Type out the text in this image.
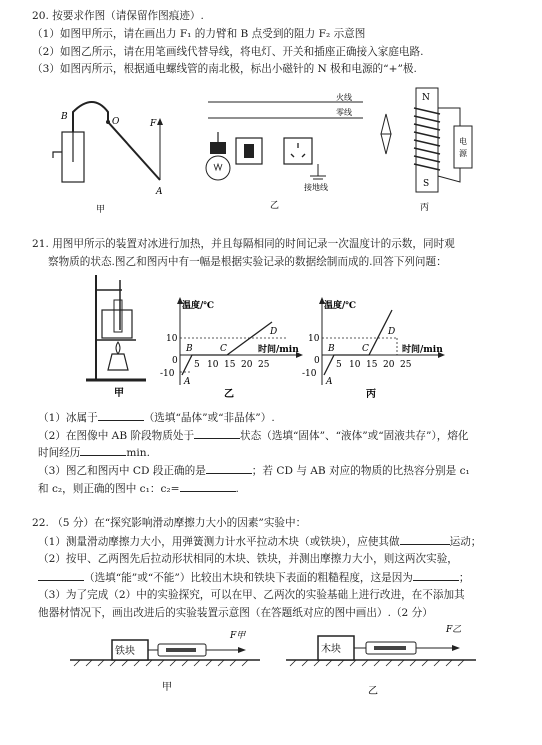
20. 按要求作图（请保留作图痕迹）.
（1）如图甲所示，请在画出力 F₁ 的力臂和 B 点受到的阻力 F₂ 示意图
（2）如图乙所示，请在用笔画线代替导线，将电灯、开关和插座正确接入家庭电路.
（3）如图丙所示，根据通电螺线管的南北极，标出小磁针的 N 极和电源的“+”极.
B	O	F
A
甲
火线
零线
接地线
乙
N
S
电
源
电源
丙
21. 用图甲所示的装置对冰进行加热，并且每隔相同的时间记录一次温度计的示数，同时观
察物质的状态.图乙和图丙中有一幅是根据实验记录的数据绘制而成的.回答下列问题：
甲
温度/℃
时间/min
10
0
-10
5 10 15 20 25
A
B	C
D
乙
温度/℃
时间/min
10
0
-10
5 10 15 20 25
A
B	C
D
丙
（1）冰属于	（选填“晶体”或“非晶体”）.
（2）在图像中 AB 阶段物质处于	状态（选填“固体”、“液体”或“固液共存”），熔化
时间经历	min.
（3）图乙和图丙中 CD 段正确的是	；若 CD 与 AB 对应的物质的比热容分别是 c₁
和 c₂，则正确的图中 c₁：c₂=	.
22. （5 分）在“探究影响滑动摩擦力大小的因素”实验中：
（1）测量滑动摩擦力大小，用弹簧测力计水平拉动木块（或铁块），应使其做	运动；
（2）按甲、乙两图先后拉动形状相同的木块、铁块，并测出摩擦力大小，则这两次实验，
（选填“能”或“不能”）比较出木块和铁块下表面的粗糙程度，这是因为	；
（3）为了完成（2）中的实验探究，可以在甲、乙两次的实验基础上进行改进，在不添加其
他器材情况下，画出改进后的实验装置示意图（在答题纸对应的图中画出）.（2 分）
铁块
F甲
甲
木块
F乙
乙
